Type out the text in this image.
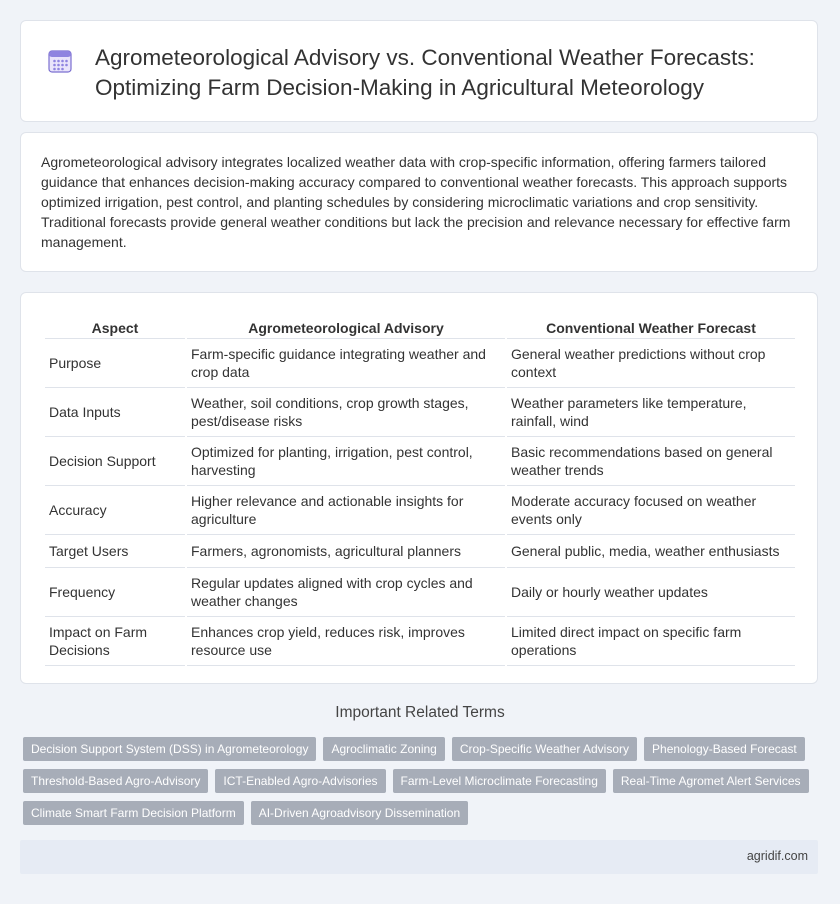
Agrometeorological Advisory vs. Conventional Weather Forecasts: Optimizing Farm Decision-Making in Agricultural Meteorology

Agrometeorological advisory integrates localized weather data with crop-specific information, offering farmers tailored guidance that enhances decision-making accuracy compared to conventional weather forecasts. This approach supports optimized irrigation, pest control, and planting schedules by considering microclimatic variations and crop sensitivity. Traditional forecasts provide general weather conditions but lack the precision and relevance necessary for effective farm management.

Aspect	Agrometeorological Advisory	Conventional Weather Forecast
Purpose	Farm-specific guidance integrating weather and crop data	General weather predictions without crop context
Data Inputs	Weather, soil conditions, crop growth stages, pest/disease risks	Weather parameters like temperature, rainfall, wind
Decision Support	Optimized for planting, irrigation, pest control, harvesting	Basic recommendations based on general weather trends
Accuracy	Higher relevance and actionable insights for agriculture	Moderate accuracy focused on weather events only
Target Users	Farmers, agronomists, agricultural planners	General public, media, weather enthusiasts
Frequency	Regular updates aligned with crop cycles and weather changes	Daily or hourly weather updates
Impact on Farm Decisions	Enhances crop yield, reduces risk, improves resource use	Limited direct impact on specific farm operations
Important Related Terms
Decision Support System (DSS) in Agrometeorology	Agroclimatic Zoning	Crop-Specific Weather Advisory	Phenology-Based Forecast
Threshold-Based Agro-Advisory	ICT-Enabled Agro-Advisories	Farm-Level Microclimate Forecasting	Real-Time Agromet Alert Services
Climate Smart Farm Decision Platform	AI-Driven Agroadvisory Dissemination
agridif.com
